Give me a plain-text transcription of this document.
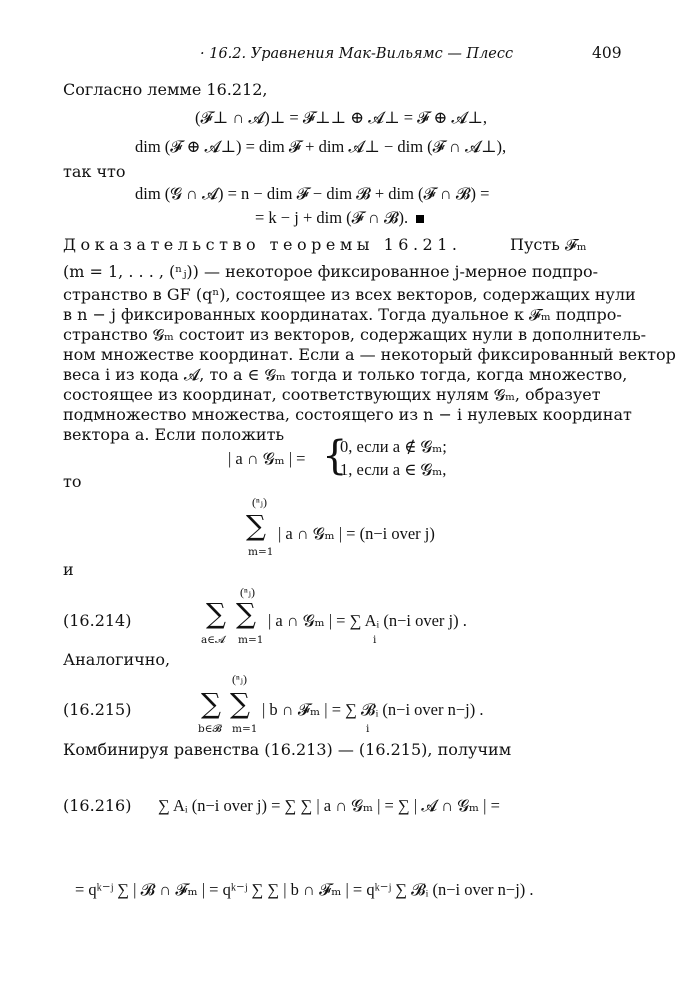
· 16.2. Уравнения Мак-Вильямс — Плесс	409
Согласно лемме 16.212,
(𝓕⊥ ∩ 𝓐)⊥ = 𝓕⊥⊥ ⊕ 𝓐⊥ = 𝓕 ⊕ 𝓐⊥,
dim (𝓕 ⊕ 𝓐⊥) = dim 𝓕 + dim 𝓐⊥ − dim (𝓕 ∩ 𝓐⊥),
так что
dim (𝓖 ∩ 𝓐) = n − dim 𝓕 − dim 𝓑 + dim (𝓕 ∩ 𝓑) =
= k − j + dim (𝓕 ∩ 𝓑).
Доказательство теоремы 16.21.	Пусть 𝓕ₘ
(m = 1, . . . , (ⁿⱼ)) — некоторое фиксированное j-мерное подпро-
странство в GF (qⁿ), состоящее из всех векторов, содержащих нули
в n − j фиксированных координатах. Тогда дуальное к 𝓕ₘ подпро-
странство 𝓖ₘ состоит из векторов, содержащих нули в дополнитель-
ном множестве координат. Если a — некоторый фиксированный вектор
веса i из кода 𝓐, то a ∈ 𝓖ₘ тогда и только тогда, когда множество,
состоящее из координат, соответствующих нулям 𝓖ₘ, образует
подмножество множества, состоящего из n − i нулевых координат
вектора a. Если положить
| a ∩ 𝓖ₘ | = {
0, если a ∉ 𝓖ₘ;
1, если a ∈ 𝓖ₘ,
то
(ⁿⱼ)
∑
m=1
| a ∩ 𝓖ₘ | = (n−i over j)
и
(16.214)
(ⁿⱼ)
∑ ∑
a∈𝓐 m=1
| a ∩ 𝓖ₘ | = ∑ Aᵢ (n−i over j) .
i
Аналогично,
(16.215)
(ⁿⱼ)
∑ ∑
b∈𝓑 m=1
| b ∩ 𝓕ₘ | = ∑ 𝓑ᵢ (n−i over n−j) .
i
Комбинируя равенства (16.213) — (16.215), получим
(16.216) ∑ Aᵢ (n−i over j) = ∑ ∑ | a ∩ 𝓖ₘ | = ∑ | 𝓐 ∩ 𝓖ₘ | =
= qᵏ⁻ʲ ∑ | 𝓑 ∩ 𝓕ₘ | = qᵏ⁻ʲ ∑ ∑ | b ∩ 𝓕ₘ | = qᵏ⁻ʲ ∑ 𝓑ᵢ (n−i over n−j) .
